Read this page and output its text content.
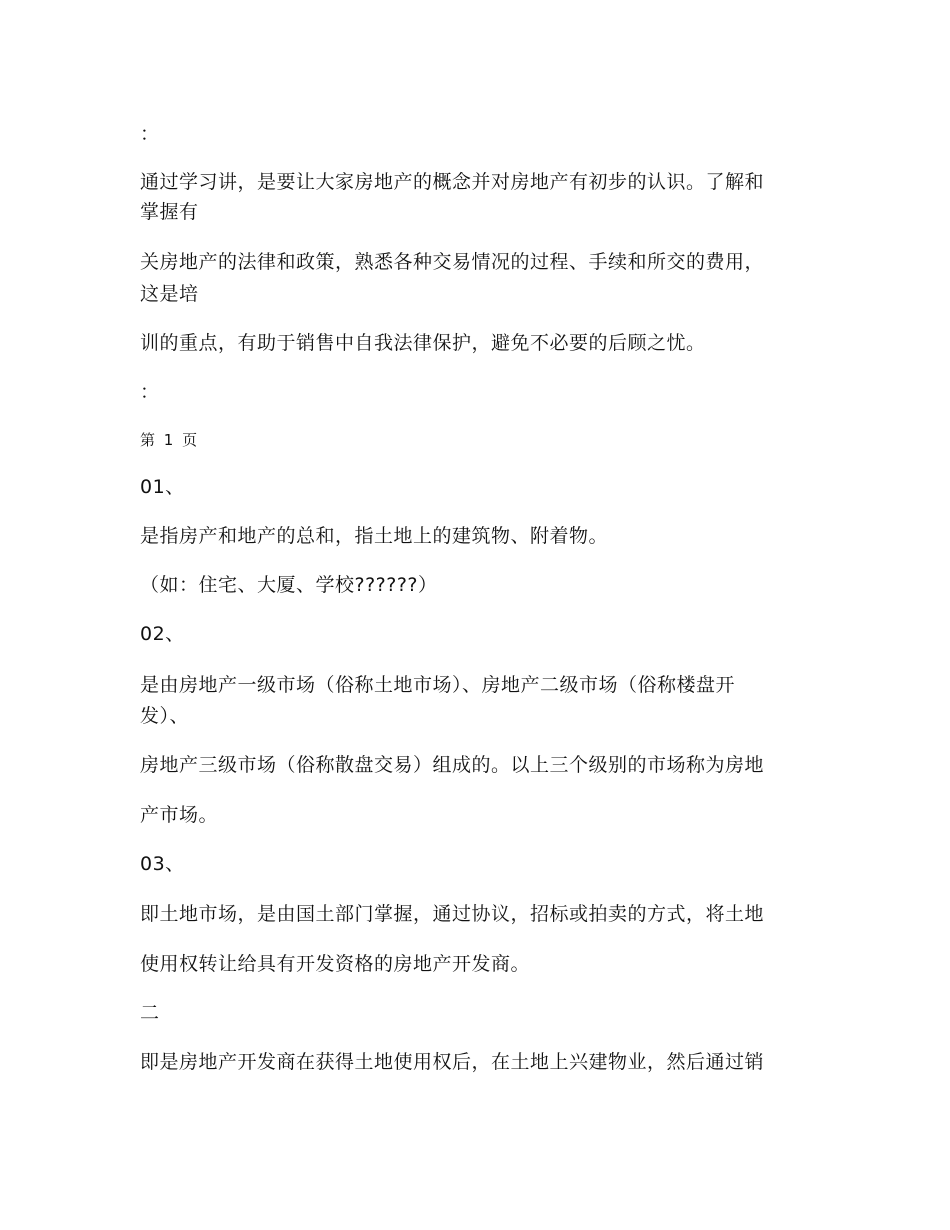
：
通过学习讲，是要让大家房地产的概念并对房地产有初步的认识。了解和
掌握有
关房地产的法律和政策，熟悉各种交易情况的过程、手续和所交的费用，
这是培
训的重点，有助于销售中自我法律保护，避免不必要的后顾之忧。
：
第 1 页
01、
是指房产和地产的总和，指土地上的建筑物、附着物。
（如：住宅、大厦、学校??????）
02、
是由房地产一级市场（俗称土地市场）、房地产二级市场（俗称楼盘开
发）、
房地产三级市场（俗称散盘交易）组成的。以上三个级别的市场称为房地
产市场。
03、
即土地市场，是由国土部门掌握，通过协议，招标或拍卖的方式，将土地
使用权转让给具有开发资格的房地产开发商。
二
即是房地产开发商在获得土地使用权后，在土地上兴建物业，然后通过销
